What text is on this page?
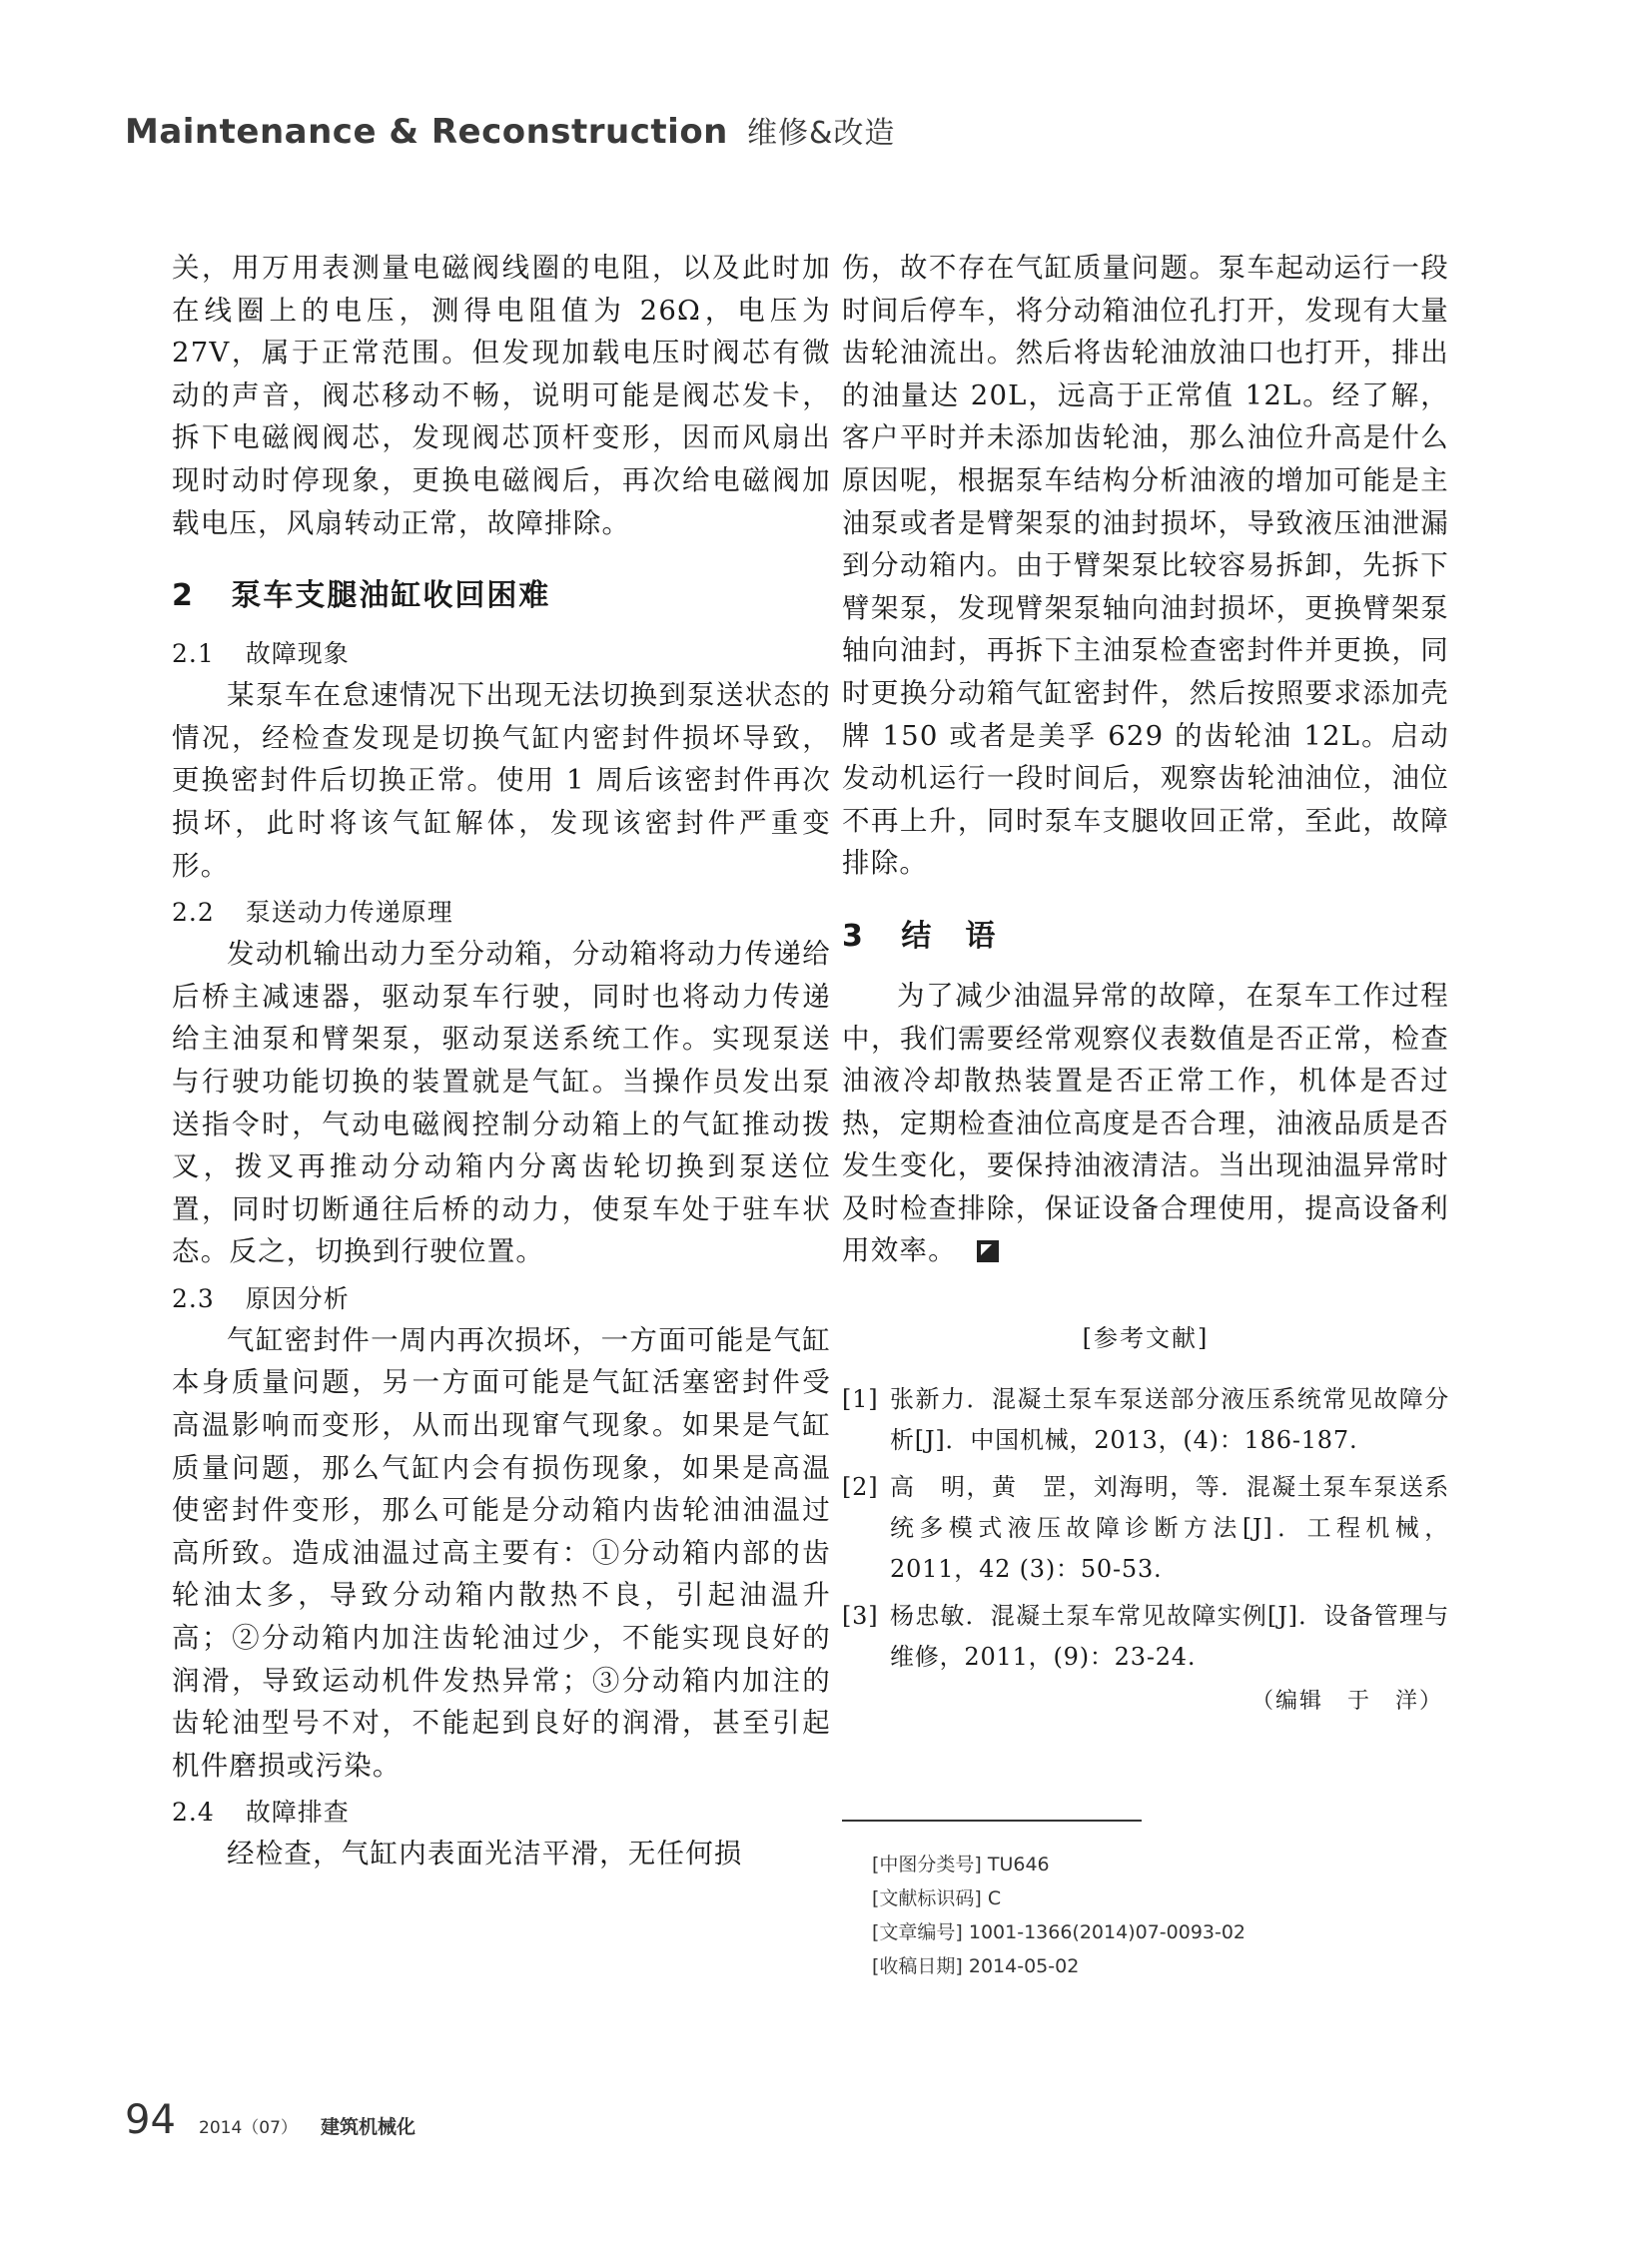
Maintenance & Reconstruction 维修&改造

关，用万用表测量电磁阀线圈的电阻，以及此时加在线圈上的电压，测得电阻值为 26Ω，电压为 27V，属于正常范围。但发现加载电压时阀芯有微动的声音，阀芯移动不畅，说明可能是阀芯发卡，拆下电磁阀阀芯，发现阀芯顶杆变形，因而风扇出现时动时停现象，更换电磁阀后，再次给电磁阀加载电压，风扇转动正常，故障排除。

2 泵车支腿油缸收回困难
2.1 故障现象

某泵车在怠速情况下出现无法切换到泵送状态的情况，经检查发现是切换气缸内密封件损坏导致，更换密封件后切换正常。使用 1 周后该密封件再次损坏，此时将该气缸解体，发现该密封件严重变形。

2.2 泵送动力传递原理

发动机输出动力至分动箱，分动箱将动力传递给后桥主减速器，驱动泵车行驶，同时也将动力传递给主油泵和臂架泵，驱动泵送系统工作。实现泵送与行驶功能切换的装置就是气缸。当操作员发出泵送指令时，气动电磁阀控制分动箱上的气缸推动拨叉，拨叉再推动分动箱内分离齿轮切换到泵送位置，同时切断通往后桥的动力，使泵车处于驻车状态。反之，切换到行驶位置。

2.3 原因分析

气缸密封件一周内再次损坏，一方面可能是气缸本身质量问题，另一方面可能是气缸活塞密封件受高温影响而变形，从而出现窜气现象。如果是气缸质量问题，那么气缸内会有损伤现象，如果是高温使密封件变形，那么可能是分动箱内齿轮油油温过高所致。造成油温过高主要有：①分动箱内部的齿轮油太多，导致分动箱内散热不良，引起油温升高；②分动箱内加注齿轮油过少，不能实现良好的润滑，导致运动机件发热异常；③分动箱内加注的齿轮油型号不对，不能起到良好的润滑，甚至引起机件磨损或污染。

2.4 故障排查

经检查，气缸内表面光洁平滑，无任何损

伤，故不存在气缸质量问题。泵车起动运行一段时间后停车，将分动箱油位孔打开，发现有大量齿轮油流出。然后将齿轮油放油口也打开，排出的油量达 20L，远高于正常值 12L。经了解，客户平时并未添加齿轮油，那么油位升高是什么原因呢，根据泵车结构分析油液的增加可能是主油泵或者是臂架泵的油封损坏，导致液压油泄漏到分动箱内。由于臂架泵比较容易拆卸，先拆下臂架泵，发现臂架泵轴向油封损坏，更换臂架泵轴向油封，再拆下主油泵检查密封件并更换，同时更换分动箱气缸密封件，然后按照要求添加壳牌 150 或者是美孚 629 的齿轮油 12L。启动发动机运行一段时间后，观察齿轮油油位，油位不再上升，同时泵车支腿收回正常，至此，故障排除。

3 结　语

为了减少油温异常的故障，在泵车工作过程中，我们需要经常观察仪表数值是否正常，检查油液冷却散热装置是否正常工作，机体是否过热，定期检查油位高度是否合理，油液品质是否发生变化，要保持油液清洁。当出现油温异常时及时检查排除，保证设备合理使用，提高设备利用效率。

[参考文献]
[1] 张新力．混凝土泵车泵送部分液压系统常见故障分析[J]．中国机械，2013，(4)：186-187.
[2] 高　明，黄　罡，刘海明，等．混凝土泵车泵送系统多模式液压故障诊断方法[J]．工程机械，2011，42 (3)：50-53.
[3] 杨忠敏．混凝土泵车常见故障实例[J]．设备管理与维修，2011，(9)：23-24.
（编辑　于　洋）
[中图分类号] TU646
[文献标识码] C
[文章编号] 1001-1366(2014)07-0093-02
[收稿日期] 2014-05-02
94 2014（07） 建筑机械化
